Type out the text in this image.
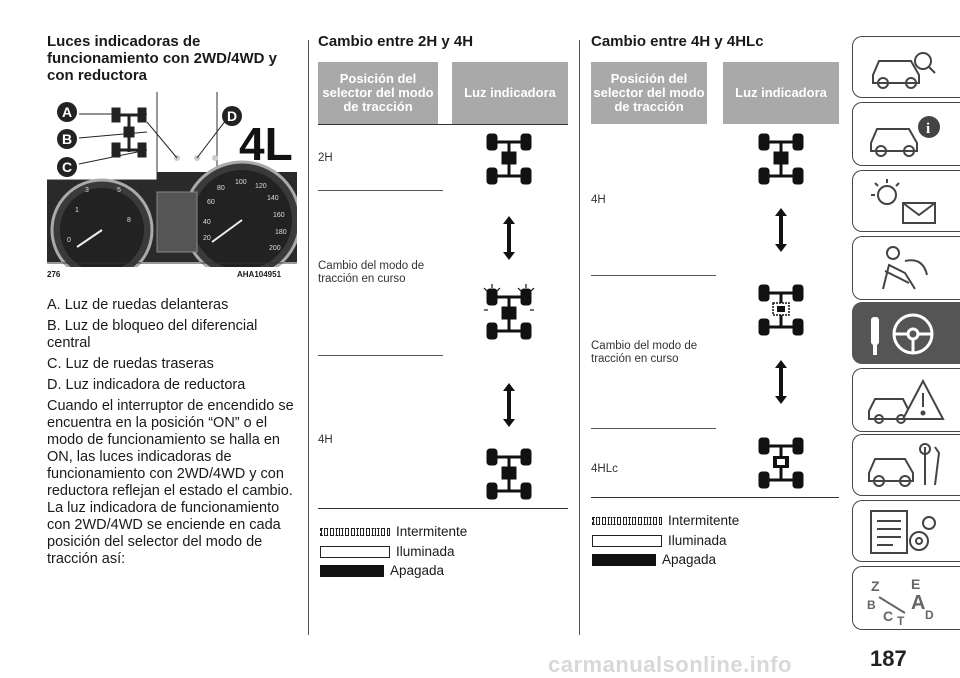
Luces indicadoras de funcionamiento con 2WD/4WD y con reductora
1
3	5
8
0
60
80
100
120
140
160
180
200
40
20
A
B
C
D
4L
276	AHA104951
A. Luz de ruedas delanteras
B. Luz de bloqueo del diferencial central
C. Luz de ruedas traseras
D. Luz indicadora de reductora
Cuando el interruptor de encendido se encuentra en la posición “ON” o el modo de funcionamiento se halla en ON, las luces indicadoras de funcionamiento con 2WD/4WD y con reductora reflejan el estado el cambio. La luz indicadora de funcionamiento con 2WD/4WD se enciende en cada posición del selector del modo de tracción así:
Cambio entre 2H y 4H
Posición del selector del modo de tracción
Luz indicadora
2H
Cambio del modo de tracción en curso
4H
Intermitente
Iluminada
Apagada
Cambio entre 4H y 4HLc
Posición del selector del modo de tracción
Luz indicadora
4H
Cambio del modo de tracción en curso
4HLc
Intermitente
Iluminada
Apagada
i
Z E
B A
C	D
T
187
carmanualsonline.info
